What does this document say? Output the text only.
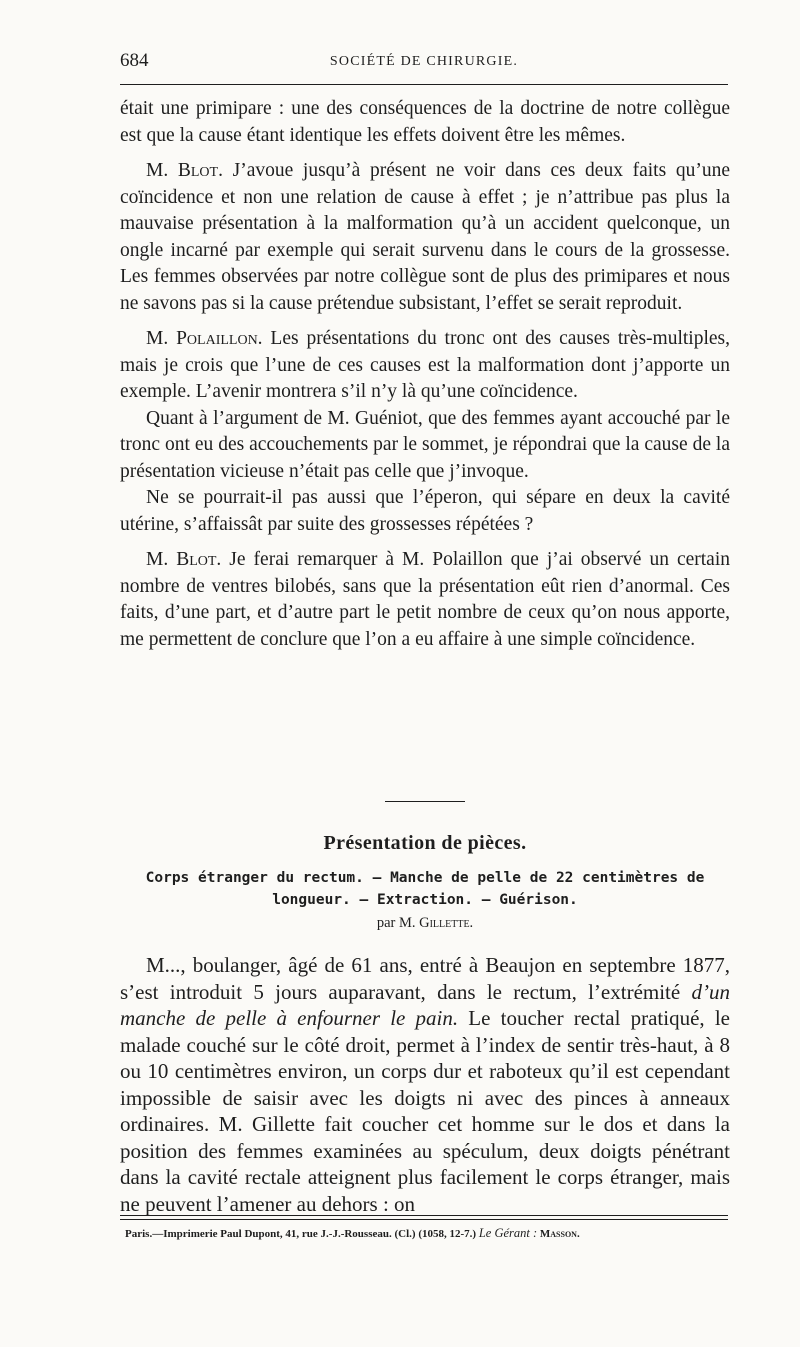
684	SOCIÉTÉ DE CHIRURGIE.

était une primipare : une des conséquences de la doctrine de notre collègue est que la cause étant identique les effets doivent être les mêmes.

M. Blot. J’avoue jusqu’à présent ne voir dans ces deux faits qu’une coïncidence et non une relation de cause à effet ; je n’attribue pas plus la mauvaise présentation à la malformation qu’à un accident quelconque, un ongle incarné par exemple qui serait survenu dans le cours de la grossesse. Les femmes observées par notre collègue sont de plus des primipares et nous ne savons pas si la cause prétendue subsistant, l’effet se serait reproduit.

M. Polaillon. Les présentations du tronc ont des causes très-multiples, mais je crois que l’une de ces causes est la malformation dont j’apporte un exemple. L’avenir montrera s’il n’y là qu’une coïncidence.

Quant à l’argument de M. Guéniot, que des femmes ayant accouché par le tronc ont eu des accouchements par le sommet, je répondrai que la cause de la présentation vicieuse n’était pas celle que j’invoque.

Ne se pourrait-il pas aussi que l’éperon, qui sépare en deux la cavité utérine, s’affaissât par suite des grossesses répétées ?

M. Blot. Je ferai remarquer à M. Polaillon que j’ai observé un certain nombre de ventres bilobés, sans que la présentation eût rien d’anormal. Ces faits, d’une part, et d’autre part le petit nombre de ceux qu’on nous apporte, me permettent de conclure que l’on a eu affaire à une simple coïncidence.

Présentation de pièces.

Corps étranger du rectum. — Manche de pelle de 22 centimètres de longueur. — Extraction. — Guérison.

par M. Gillette.

M..., boulanger, âgé de 61 ans, entré à Beaujon en septembre 1877, s’est introduit 5 jours auparavant, dans le rectum, l’extrémité d’un manche de pelle à enfourner le pain. Le toucher rectal pratiqué, le malade couché sur le côté droit, permet à l’index de sentir très-haut, à 8 ou 10 centimètres environ, un corps dur et raboteux qu’il est cependant impossible de saisir avec les doigts ni avec des pinces à anneaux ordinaires. M. Gillette fait coucher cet homme sur le dos et dans la position des femmes examinées au spéculum, deux doigts pénétrant dans la cavité rectale atteignent plus facilement le corps étranger, mais ne peuvent l’amener au dehors : on

Paris.—Imprimerie Paul Dupont, 41, rue J.-J.-Rousseau. (Cl.) (1058, 12-7.) Le Gérant : Masson.
